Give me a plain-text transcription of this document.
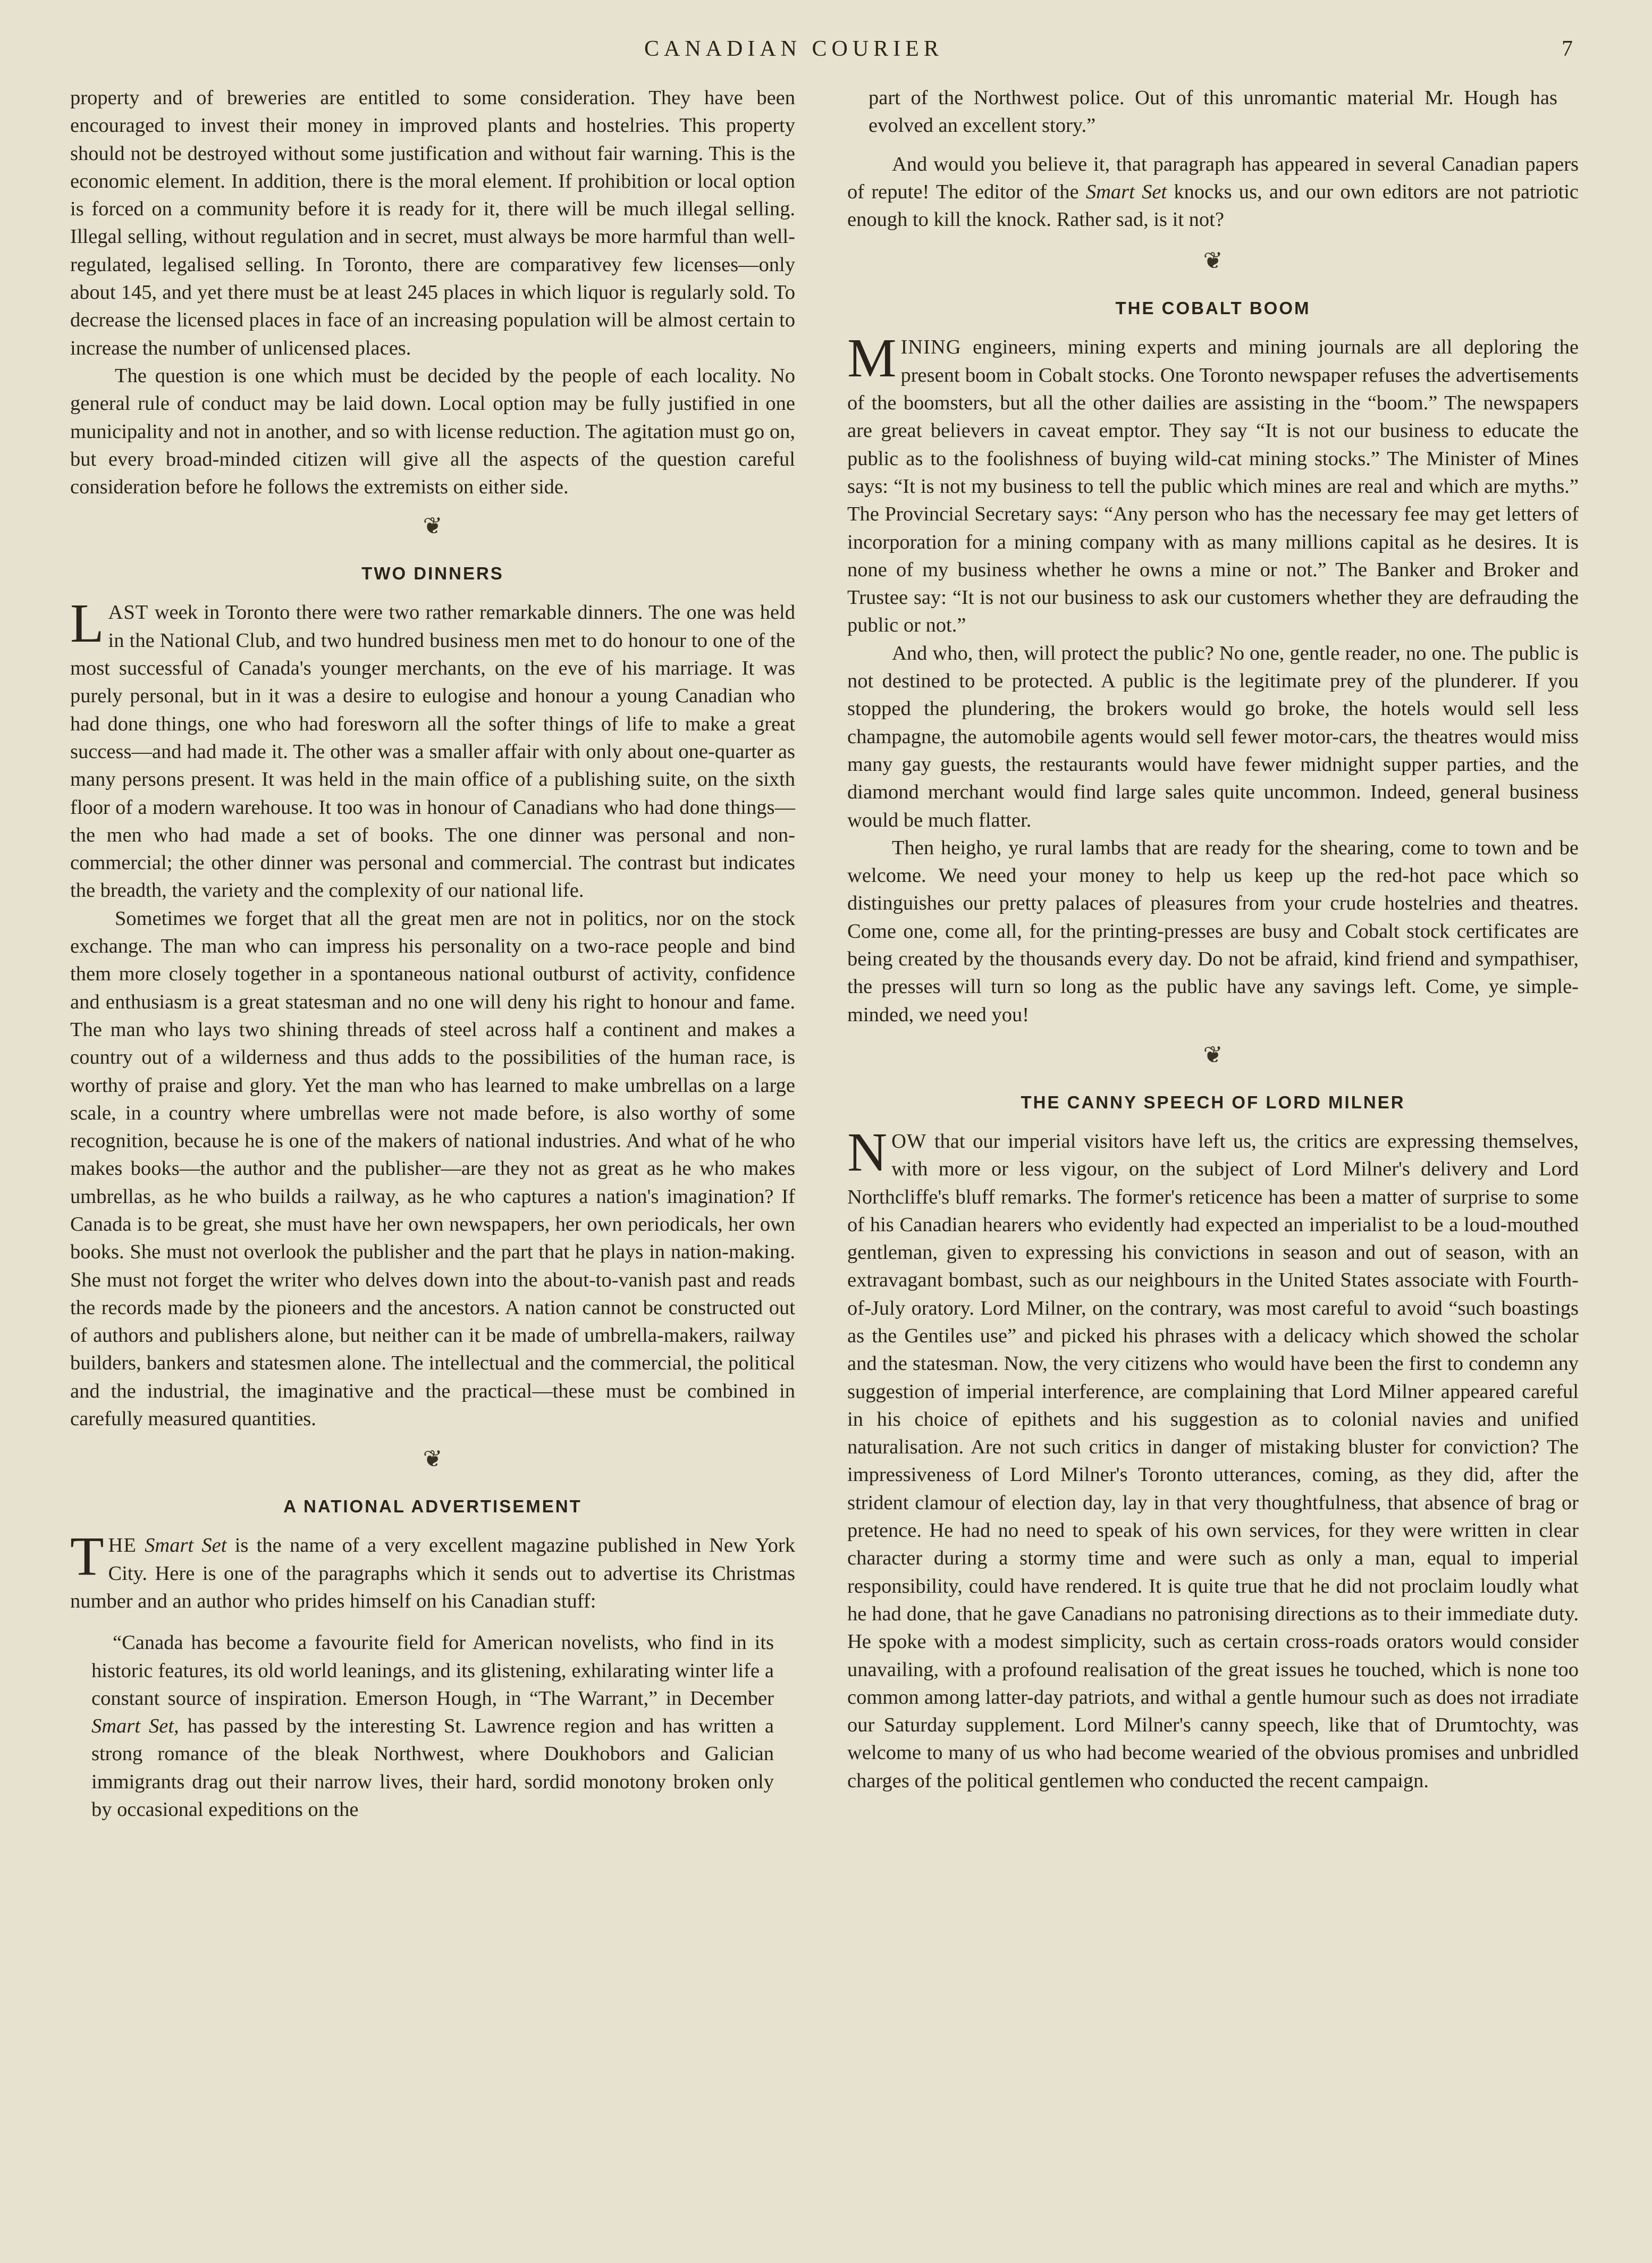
CANADIAN COURIER	7

property and of breweries are entitled to some consideration. They have been encouraged to invest their money in improved plants and hostelries. This property should not be destroyed without some justification and without fair warning. This is the economic element. In addition, there is the moral element. If prohibition or local option is forced on a community before it is ready for it, there will be much illegal selling. Illegal selling, without regulation and in secret, must always be more harmful than well-regulated, legalised selling. In Toronto, there are comparativey few licenses—only about 145, and yet there must be at least 245 places in which liquor is regularly sold. To decrease the licensed places in face of an increasing population will be almost certain to increase the number of unlicensed places.

The question is one which must be decided by the people of each locality. No general rule of conduct may be laid down. Local option may be fully justified in one municipality and not in another, and so with license reduction. The agitation must go on, but every broad-minded citizen will give all the aspects of the question careful consideration before he follows the extremists on either side.

❦
TWO DINNERS

LAST week in Toronto there were two rather remarkable dinners. The one was held in the National Club, and two hundred business men met to do honour to one of the most successful of Canada's younger merchants, on the eve of his marriage. It was purely personal, but in it was a desire to eulogise and honour a young Canadian who had done things, one who had foresworn all the softer things of life to make a great success—and had made it. The other was a smaller affair with only about one-quarter as many persons present. It was held in the main office of a publishing suite, on the sixth floor of a modern warehouse. It too was in honour of Canadians who had done things—the men who had made a set of books. The one dinner was personal and non-commercial; the other dinner was personal and commercial. The contrast but indicates the breadth, the variety and the complexity of our national life.

Sometimes we forget that all the great men are not in politics, nor on the stock exchange. The man who can impress his personality on a two-race people and bind them more closely together in a spontaneous national outburst of activity, confidence and enthusiasm is a great statesman and no one will deny his right to honour and fame. The man who lays two shining threads of steel across half a continent and makes a country out of a wilderness and thus adds to the possibilities of the human race, is worthy of praise and glory. Yet the man who has learned to make umbrellas on a large scale, in a country where umbrellas were not made before, is also worthy of some recognition, because he is one of the makers of national industries. And what of he who makes books—the author and the publisher—are they not as great as he who makes umbrellas, as he who builds a railway, as he who captures a nation's imagination? If Canada is to be great, she must have her own newspapers, her own periodicals, her own books. She must not overlook the publisher and the part that he plays in nation-making. She must not forget the writer who delves down into the about-to-vanish past and reads the records made by the pioneers and the ancestors. A nation cannot be constructed out of authors and publishers alone, but neither can it be made of umbrella-makers, railway builders, bankers and statesmen alone. The intellectual and the commercial, the political and the industrial, the imaginative and the practical—these must be combined in carefully measured quantities.

❦
A NATIONAL ADVERTISEMENT

THE Smart Set is the name of a very excellent magazine published in New York City. Here is one of the paragraphs which it sends out to advertise its Christmas number and an author who prides himself on his Canadian stuff:

“Canada has become a favourite field for American novelists, who find in its historic features, its old world leanings, and its glistening, exhilarating winter life a constant source of inspiration. Emerson Hough, in “The Warrant,” in December Smart Set, has passed by the interesting St. Lawrence region and has written a strong romance of the bleak Northwest, where Doukhobors and Galician immigrants drag out their narrow lives, their hard, sordid monotony broken only by occasional expeditions on the

part of the Northwest police. Out of this unromantic material Mr. Hough has evolved an excellent story.”

And would you believe it, that paragraph has appeared in several Canadian papers of repute! The editor of the Smart Set knocks us, and our own editors are not patriotic enough to kill the knock. Rather sad, is it not?

❦
THE COBALT BOOM

MINING engineers, mining experts and mining journals are all deploring the present boom in Cobalt stocks. One Toronto newspaper refuses the advertisements of the boomsters, but all the other dailies are assisting in the “boom.” The newspapers are great believers in caveat emptor. They say “It is not our business to educate the public as to the foolishness of buying wild-cat mining stocks.” The Minister of Mines says: “It is not my business to tell the public which mines are real and which are myths.” The Provincial Secretary says: “Any person who has the necessary fee may get letters of incorporation for a mining company with as many millions capital as he desires. It is none of my business whether he owns a mine or not.” The Banker and Broker and Trustee say: “It is not our business to ask our customers whether they are defrauding the public or not.”

And who, then, will protect the public? No one, gentle reader, no one. The public is not destined to be protected. A public is the legitimate prey of the plunderer. If you stopped the plundering, the brokers would go broke, the hotels would sell less champagne, the automobile agents would sell fewer motor-cars, the theatres would miss many gay guests, the restaurants would have fewer midnight supper parties, and the diamond merchant would find large sales quite uncommon. Indeed, general business would be much flatter.

Then heigho, ye rural lambs that are ready for the shearing, come to town and be welcome. We need your money to help us keep up the red-hot pace which so distinguishes our pretty palaces of pleasures from your crude hostelries and theatres. Come one, come all, for the printing-presses are busy and Cobalt stock certificates are being created by the thousands every day. Do not be afraid, kind friend and sympathiser, the presses will turn so long as the public have any savings left. Come, ye simple-minded, we need you!

❦
THE CANNY SPEECH OF LORD MILNER

NOW that our imperial visitors have left us, the critics are expressing themselves, with more or less vigour, on the subject of Lord Milner's delivery and Lord Northcliffe's bluff remarks. The former's reticence has been a matter of surprise to some of his Canadian hearers who evidently had expected an imperialist to be a loud-mouthed gentleman, given to expressing his convictions in season and out of season, with an extravagant bombast, such as our neighbours in the United States associate with Fourth-of-July oratory. Lord Milner, on the contrary, was most careful to avoid “such boastings as the Gentiles use” and picked his phrases with a delicacy which showed the scholar and the statesman. Now, the very citizens who would have been the first to condemn any suggestion of imperial interference, are complaining that Lord Milner appeared careful in his choice of epithets and his suggestion as to colonial navies and unified naturalisation. Are not such critics in danger of mistaking bluster for conviction? The impressiveness of Lord Milner's Toronto utterances, coming, as they did, after the strident clamour of election day, lay in that very thoughtfulness, that absence of brag or pretence. He had no need to speak of his own services, for they were written in clear character during a stormy time and were such as only a man, equal to imperial responsibility, could have rendered. It is quite true that he did not proclaim loudly what he had done, that he gave Canadians no patronising directions as to their immediate duty. He spoke with a modest simplicity, such as certain cross-roads orators would consider unavailing, with a profound realisation of the great issues he touched, which is none too common among latter-day patriots, and withal a gentle humour such as does not irradiate our Saturday supplement. Lord Milner's canny speech, like that of Drumtochty, was welcome to many of us who had become wearied of the obvious promises and unbridled charges of the political gentlemen who conducted the recent campaign.
